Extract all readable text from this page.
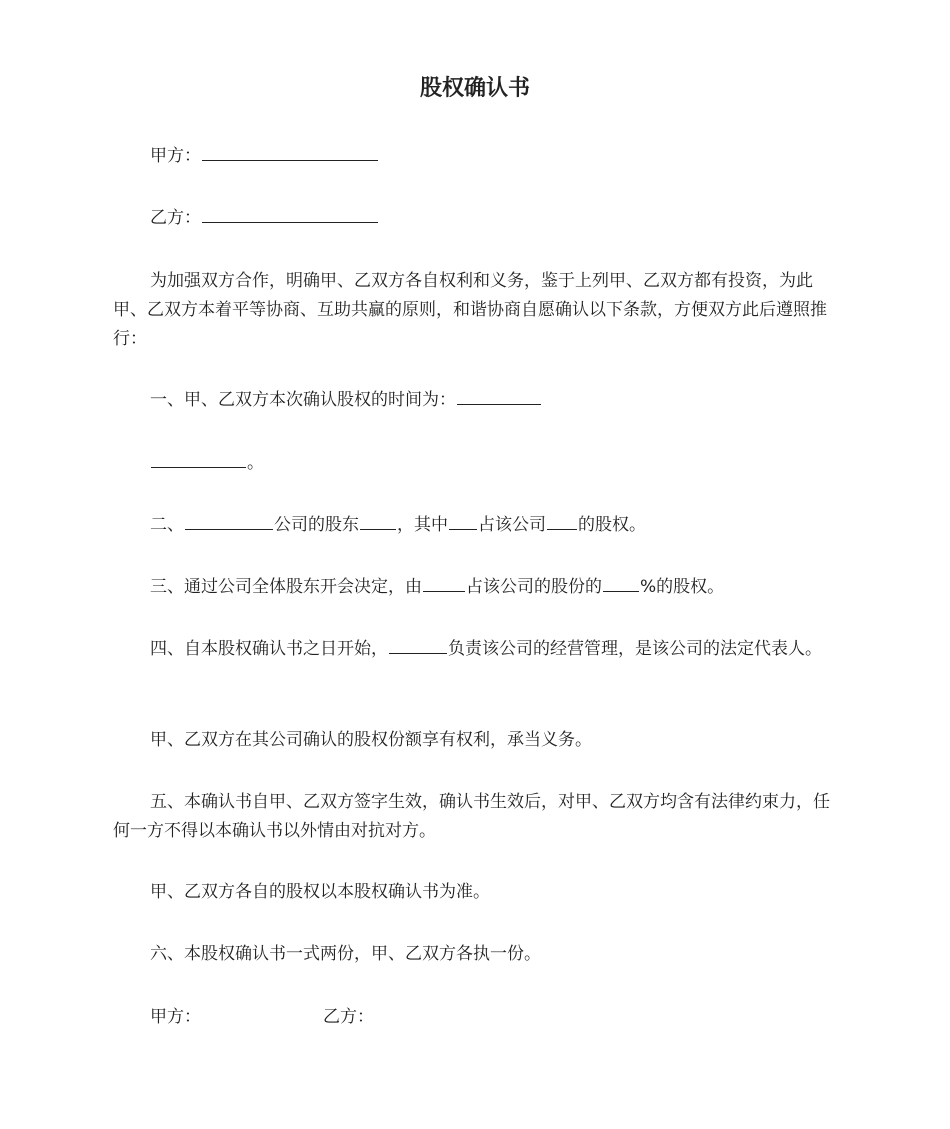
股权确认书
甲方：
乙方：
为加强双方合作，明确甲、乙双方各自权利和义务，鉴于上列甲、乙双方都有投资，为此甲、乙双方本着平等协商、互助共赢的原则，和谐协商自愿确认以下条款，方便双方此后遵照推行：
一、甲、乙双方本次确认股权的时间为：
。
二、	公司的股东 ，其中 占该公司 的股权。
三、通过公司全体股东开会决定，由	占该公司的股份的 %的股权。
四、自本股权确认书之日开始，	负责该公司的经营管理，是该公司的法定代表人。
甲、乙双方在其公司确认的股权份额享有权利，承当义务。
五、本确认书自甲、乙双方签字生效，确认书生效后，对甲、乙双方均含有法律约束力，任何一方不得以本确认书以外情由对抗对方。
甲、乙双方各自的股权以本股权确认书为准。
六、本股权确认书一式两份，甲、乙双方各执一份。
甲方：	乙方：
